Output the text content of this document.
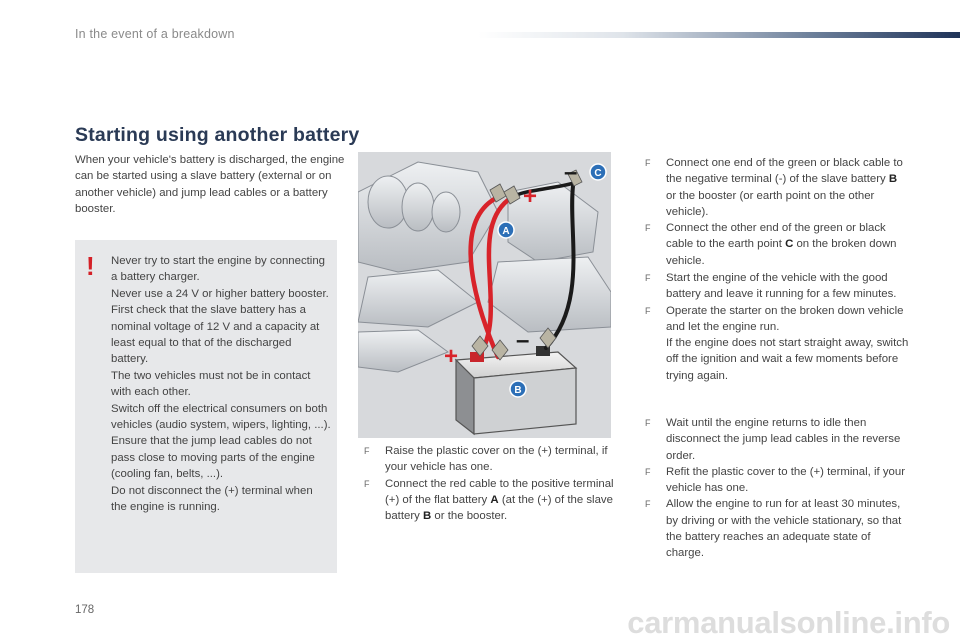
In the event of a breakdown
Starting using another battery

When your vehicle's battery is discharged, the engine can be started using a slave battery (external or on another vehicle) and jump lead cables or a battery booster.

! Never try to start the engine by connecting a battery charger.
Never use a 24 V or higher battery booster.
First check that the slave battery has a nominal voltage of 12 V and a capacity at least equal to that of the discharged battery.
The two vehicles must not be in contact with each other.
Switch off the electrical consumers on both vehicles (audio system, wipers, lighting, ...).
Ensure that the jump lead cables do not pass close to moving parts of the engine (cooling fan, belts, ...).
Do not disconnect the (+) terminal when the engine is running.
+
–
+
–
A
B
C

F Raise the plastic cover on the (+) terminal, if your vehicle has one.

F Connect the red cable to the positive terminal (+) of the flat battery A (at the (+) of the slave battery B or the booster.

F Connect one end of the green or black cable to the negative terminal (-) of the slave battery B or the booster (or earth point on the other vehicle).

F Connect the other end of the green or black cable to the earth point C on the broken down vehicle.

F Start the engine of the vehicle with the good battery and leave it running for a few minutes.

F Operate the starter on the broken down vehicle and let the engine run.

If the engine does not start straight away, switch off the ignition and wait a few moments before trying again.

F Wait until the engine returns to idle then disconnect the jump lead cables in the reverse order.

F Refit the plastic cover to the (+) terminal, if your vehicle has one.

F Allow the engine to run for at least 30 minutes, by driving or with the vehicle stationary, so that the battery reaches an adequate state of charge.

178	carmanualsonline.info
